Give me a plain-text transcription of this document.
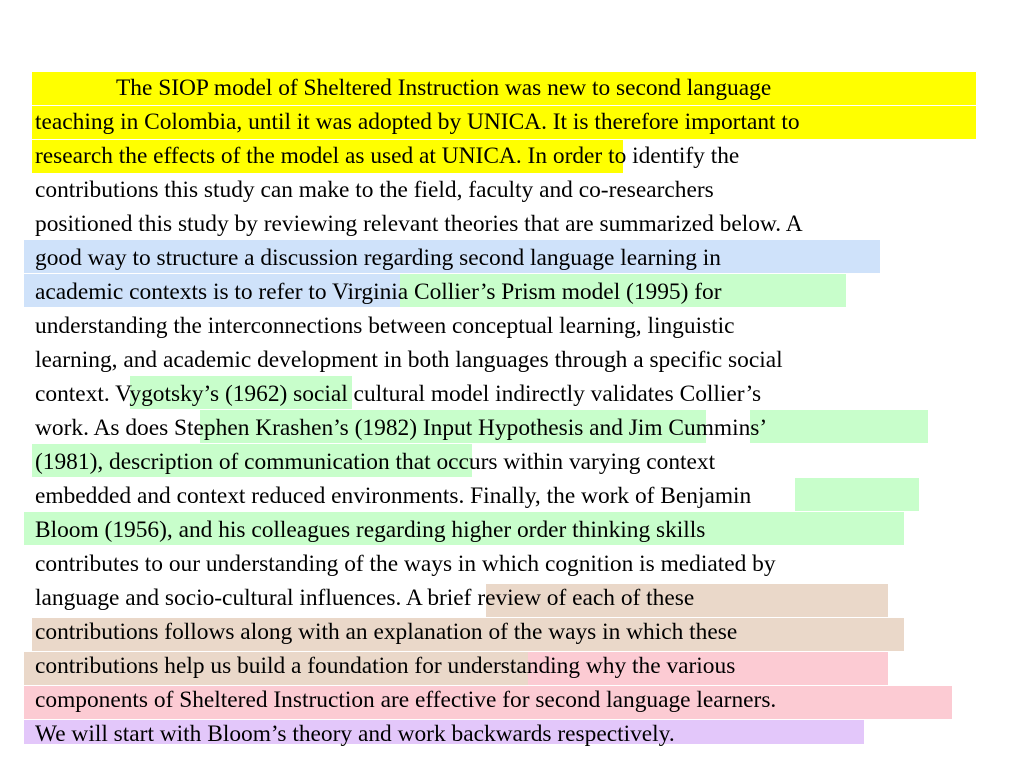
The SIOP model of Sheltered Instruction was new to second language

teaching in Colombia, until it was adopted by UNICA. It is therefore important to

research the effects of the model as used at UNICA. In order to identify the

contributions this study can make to the field, faculty and co-researchers

positioned this study by reviewing relevant theories that are summarized below. A

good way to structure a discussion regarding second language learning in

academic contexts is to refer to Virginia Collier’s Prism model (1995) for

understanding the interconnections between conceptual learning, linguistic

learning, and academic development in both languages through a specific social

context. Vygotsky’s (1962) social cultural model indirectly validates Collier’s

work. As does Stephen Krashen’s (1982) Input Hypothesis and Jim Cummins’

(1981), description of communication that occurs within varying context

embedded and context reduced environments. Finally, the work of Benjamin

Bloom (1956), and his colleagues regarding higher order thinking skills

contributes to our understanding of the ways in which cognition is mediated by

language and socio-cultural influences. A brief review of each of these

contributions follows along with an explanation of the ways in which these

contributions help us build a foundation for understanding why the various

components of Sheltered Instruction are effective for second language learners.

We will start with Bloom’s theory and work backwards respectively.
